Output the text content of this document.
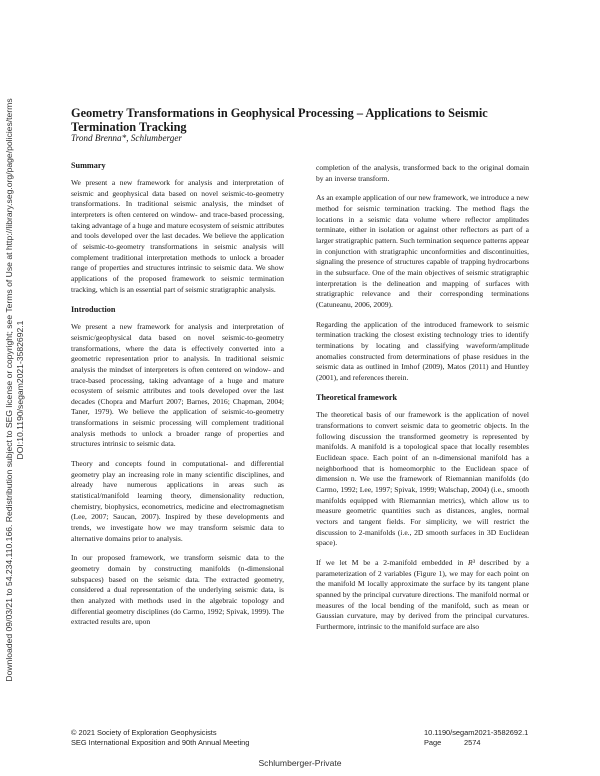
Downloaded 09/03/21 to 54.234.110.166. Redistribution subject to SEG license or copyright; see Terms of Use at http://library.seg.org/page/policies/terms DOI:10.1190/segam2021-3582692.1
Geometry Transformations in Geophysical Processing – Applications to Seismic Termination Tracking
Trond Brenna*, Schlumberger
Summary

We present a new framework for analysis and interpretation of seismic and geophysical data based on novel seismic-to-geometry transformations. In traditional seismic analysis, the mindset of interpreters is often centered on window- and trace-based processing, taking advantage of a huge and mature ecosystem of seismic attributes and tools developed over the last decades. We believe the application of seismic-to-geometry transformations in seismic analysis will complement traditional interpretation methods to unlock a broader range of properties and structures intrinsic to seismic data. We show applications of the proposed framework to seismic termination tracking, which is an essential part of seismic stratigraphic analysis.

Introduction

We present a new framework for analysis and interpretation of seismic/geophysical data based on novel seismic-to-geometry transformations, where the data is effectively converted into a geometric representation prior to analysis. In traditional seismic analysis the mindset of interpreters is often centered on window- and trace-based processing, taking advantage of a huge and mature ecosystem of seismic attributes and tools developed over the last decades (Chopra and Marfurt 2007; Barnes, 2016; Chapman, 2004; Taner, 1979). We believe the application of seismic-to-geometry transformations in seismic processing will complement traditional analysis methods to unlock a broader range of properties and structures intrinsic to seismic data.

Theory and concepts found in computational- and differential geometry play an increasing role in many scientific disciplines, and already have numerous applications in areas such as statistical/manifold learning theory, dimensionality reduction, chemistry, biophysics, econometrics, medicine and electromagnetism (Lee, 2007; Saucan, 2007). Inspired by these developments and trends, we investigate how we may transform seismic data to alternative domains prior to analysis.

In our proposed framework, we transform seismic data to the geometry domain by constructing manifolds (n-dimensional subspaces) based on the seismic data. The extracted geometry, considered a dual representation of the underlying seismic data, is then analyzed with methods used in the algebraic topology and differential geometry disciplines (do Carmo, 1992; Spivak, 1999). The extracted results are, upon

completion of the analysis, transformed back to the original domain by an inverse transform.

As an example application of our new framework, we introduce a new method for seismic termination tracking. The method flags the locations in a seismic data volume where reflector amplitudes terminate, either in isolation or against other reflectors as part of a larger stratigraphic pattern. Such termination sequence patterns appear in conjunction with stratigraphic unconformities and discontinuities, signaling the presence of structures capable of trapping hydrocarbons in the subsurface. One of the main objectives of seismic stratigraphic interpretation is the delineation and mapping of surfaces with stratigraphic relevance and their corresponding terminations (Catuneanu, 2006, 2009).

Regarding the application of the introduced framework to seismic termination tracking the closest existing technology tries to identify terminations by locating and classifying waveform/amplitude anomalies constructed from determinations of phase residues in the seismic data as outlined in Imhof (2009), Matos (2011) and Huntley (2001), and references therein.

Theoretical framework

The theoretical basis of our framework is the application of novel transformations to convert seismic data to geometric objects. In the following discussion the transformed geometry is represented by manifolds. A manifold is a topological space that locally resembles Euclidean space. Each point of an n-dimensional manifold has a neighborhood that is homeomorphic to the Euclidean space of dimension n. We use the framework of Riemannian manifolds (do Carmo, 1992; Lee, 1997; Spivak, 1999; Walschap, 2004) (i.e., smooth manifolds equipped with Riemannian metrics), which allow us to measure geometric quantities such as distances, angles, normal vectors and tangent fields. For simplicity, we will restrict the discussion to 2-manifolds (i.e., 2D smooth surfaces in 3D Euclidean space).

If we let M be a 2-manifold embedded in R³ described by a parameterization of 2 variables (Figure 1), we may for each point on the manifold M locally approximate the surface by its tangent plane spanned by the principal curvature directions. The manifold normal or measures of the local bending of the manifold, such as mean or Gaussian curvature, may by derived from the principal curvatures. Furthermore, intrinsic to the manifold surface are also

© 2021 Society of Exploration Geophysicists
SEG International Exposition and 90th Annual Meeting
10.1190/segam2021-3582692.1
Page	2574
Schlumberger-Private
